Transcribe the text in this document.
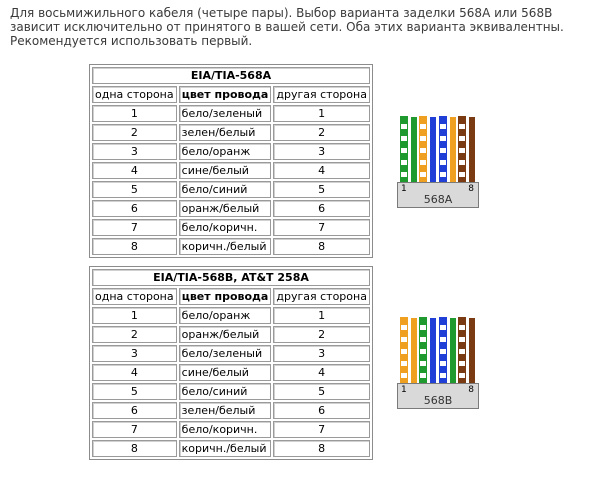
Для восьмижильного кабеля (четыре пары). Выбор варианта заделки 568A или 568B
зависит исключительно от принятого в вашей сети. Оба этих варианта эквивалентны.
Рекомендуется использовать первый.
EIA/TIA-568A		
одна сторона	цвет провода	другая сторона
1	бело/зеленый	1
2	зелен/белый	2
3	бело/оранж	3
4	сине/белый	4
5	бело/синий	5
6	оранж/белый	6
7	бело/коричн.	7
8	коричн./белый	8
EIA/TIA-568B, AT&T 258A		
одна сторона	цвет провода	другая сторона
1	бело/оранж	1
2	оранж/белый	2
3	бело/зеленый	3
4	сине/белый	4
5	бело/синий	5
6	зелен/белый	6
7	бело/коричн.	7
8	коричн./белый	8
1	8
568A
1	8
568B
